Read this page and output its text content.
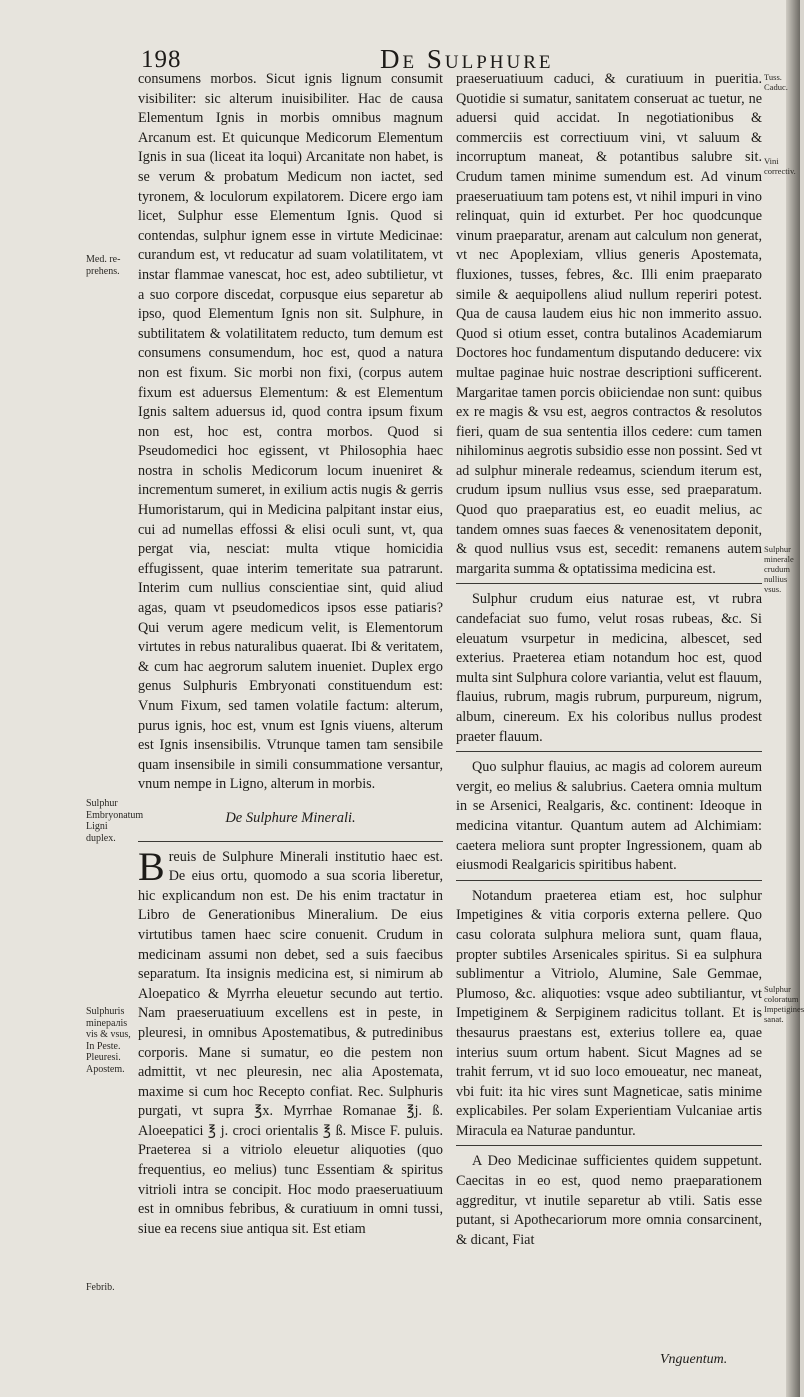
198	De Sulphure
Med. re-prehens.
Sulphur Embryonatum Ligni duplex.
Sulphuris minералis vis & vsus, In Peste. Pleuresi. Apostem.
Febrib.
Tuss. Caduc.
Vini correctiv.
Sulphur minerale crudum nullius vsus.
Sulphur coloratum Impetigines sanat.

consumens morbos. Sicut ignis lignum consumit visibiliter: sic alterum inuisibiliter. Hac de causa Elementum Ignis in morbis omnibus magnum Arcanum est. Et quicunque Medicorum Elementum Ignis in sua (liceat ita loqui) Arcanitate non habet, is se verum & probatum Medicum non iactet, sed tyronem, & loculorum expilatorem. Dicere ergo iam licet, Sulphur esse Elementum Ignis. Quod si contendas, sulphur ignem esse in virtute Medicinae: curandum est, vt reducatur ad suam volatilitatem, vt instar flammae vanescat, hoc est, adeo subtilietur, vt a suo corpore discedat, corpusque eius separetur ab ipso, quod Elementum Ignis non sit. Sulphure, in subtilitatem & volatilitatem reducto, tum demum est consumens consumendum, hoc est, quod a natura non est fixum. Sic morbi non fixi, (corpus autem fixum est aduersus Elementum: & est Elementum Ignis saltem aduersus id, quod contra ipsum fixum non est, hoc est, contra morbos. Quod si Pseudomedici hoc egissent, vt Philosophia haec nostra in scholis Medicorum locum inueniret & incrementum sumeret, in exilium actis nugis & gerris Humoristarum, qui in Medicina palpitant instar eius, cui ad numellas effossi & elisi oculi sunt, vt, qua pergat via, nesciat: multa vtique homicidia effugissent, quae interim temeritate sua patrarunt. Interim cum nullius conscientiae sint, quid aliud agas, quam vt pseudomedicos ipsos esse patiaris? Qui verum agere medicum velit, is Elementorum virtutes in rebus naturalibus quaerat. Ibi & veritatem, & cum hac aegrorum salutem inueniet. Duplex ergo genus Sulphuris Embryonati constituendum est: Vnum Fixum, sed tamen volatile factum: alterum, purus ignis, hoc est, vnum est Ignis viuens, alterum est Ignis insensibilis. Vtrunque tamen tam sensibile quam insensibile in simili consummatione versantur, vnum nempe in Ligno, alterum in morbis.

De Sulphure Minerali.

Breuis de Sulphure Minerali institutio haec est. De eius ortu, quomodo a sua scoria liberetur, hic explicandum non est. De his enim tractatur in Libro de Generationibus Mineralium. De eius virtutibus tamen haec scire conuenit. Crudum in medicinam assumi non debet, sed a suis faecibus separatum. Ita insignis medicina est, si nimirum ab Aloepatico & Myrrha eleuetur secundo aut tertio. Nam praeseruatiuum excellens est in peste, in pleuresi, in omnibus Apostematibus, & putredinibus corporis. Mane si sumatur, eo die pestem non admittit, vt nec pleuresin, nec alia Apostemata, maxime si cum hoc Recepto confiat. Rec. Sulphuris purgati, vt supra ℥x. Myrrhae Romanae ℥j. ß. Aloeepatici ℥ j. croci orientalis ℥ ß. Misce F. puluis. Praeterea si a vitriolo eleuetur aliquoties (quo frequentius, eo melius) tunc Essentiam & spiritus vitrioli intra se concipit. Hoc modo praeseruatiuum est in omnibus febribus, & curatiuum in omni tussi, siue ea recens siue antiqua sit. Est etiam

praeseruatiuum caduci, & curatiuum in pueritia. Quotidie si sumatur, sanitatem conseruat ac tuetur, ne aduersi quid accidat. In negotiationibus & commerciis est correctiuum vini, vt saluum & incorruptum maneat, & potantibus salubre sit. Crudum tamen minime sumendum est. Ad vinum praeseruatiuum tam potens est, vt nihil impuri in vino relinquat, quin id exturbet. Per hoc quodcunque vinum praeparatur, arenam aut calculum non generat, vt nec Apoplexiam, vllius generis Apostemata, fluxiones, tusses, febres, &c. Illi enim praeparato simile & aequipollens aliud nullum reperiri potest. Qua de causa laudem eius hic non immerito assuo. Quod si otium esset, contra butalinos Academiarum Doctores hoc fundamentum disputando deducere: vix multae paginae huic nostrae descriptioni sufficerent. Margaritae tamen porcis obiiciendae non sunt: quibus ex re magis & vsu est, aegros contractos & resolutos fieri, quam de sua sententia illos cedere: cum tamen nihilominus aegrotis subsidio esse non possint. Sed vt ad sulphur minerale redeamus, sciendum iterum est, crudum ipsum nullius vsus esse, sed praeparatum. Quod quo praeparatius est, eo euadit melius, ac tandem omnes suas faeces & venenositatem deponit, & quod nullius vsus est, secedit: remanens autem margarita summa & optatissima medicina est.

Sulphur crudum eius naturae est, vt rubra candefaciat suo fumo, velut rosas rubeas, &c. Si eleuatum vsurpetur in medicina, albescet, sed exterius. Praeterea etiam notandum hoc est, quod multa sint Sulphura colore variantia, velut est flauum, flauius, rubrum, magis rubrum, purpureum, nigrum, album, cinereum. Ex his coloribus nullus prodest praeter flauum.

Quo sulphur flauius, ac magis ad colorem aureum vergit, eo melius & salubrius. Caetera omnia multum in se Arsenici, Realgaris, &c. continent: Ideoque in medicina vitantur. Quantum autem ad Alchimiam: caetera meliora sunt propter Ingressionem, quam ab eiusmodi Realgaricis spiritibus habent.

Notandum praeterea etiam est, hoc sulphur Impetigines & vitia corporis externa pellere. Quo casu colorata sulphura meliora sunt, quam flaua, propter subtiles Arsenicales spiritus. Si ea sulphura sublimentur a Vitriolo, Alumine, Sale Gemmae, Plumoso, &c. aliquoties: vsque adeo subtiliantur, vt Impetiginem & Serpiginem radicitus tollant. Et is thesaurus praestans est, exterius tollere ea, quae interius suum ortum habent. Sicut Magnes ad se trahit ferrum, vt id suo loco emoueatur, nec maneat, vbi fuit: ita hic vires sunt Magneticae, satis minime explicabiles. Per solam Experientiam Vulcaniae artis Miracula ea Naturae panduntur.

A Deo Medicinae sufficientes quidem suppetunt. Caecitas in eo est, quod nemo praeparationem aggreditur, vt inutile separetur ab vtili. Satis esse putant, si Apothecariorum more omnia consarcinent, & dicant, Fiat

Vnguentum.
